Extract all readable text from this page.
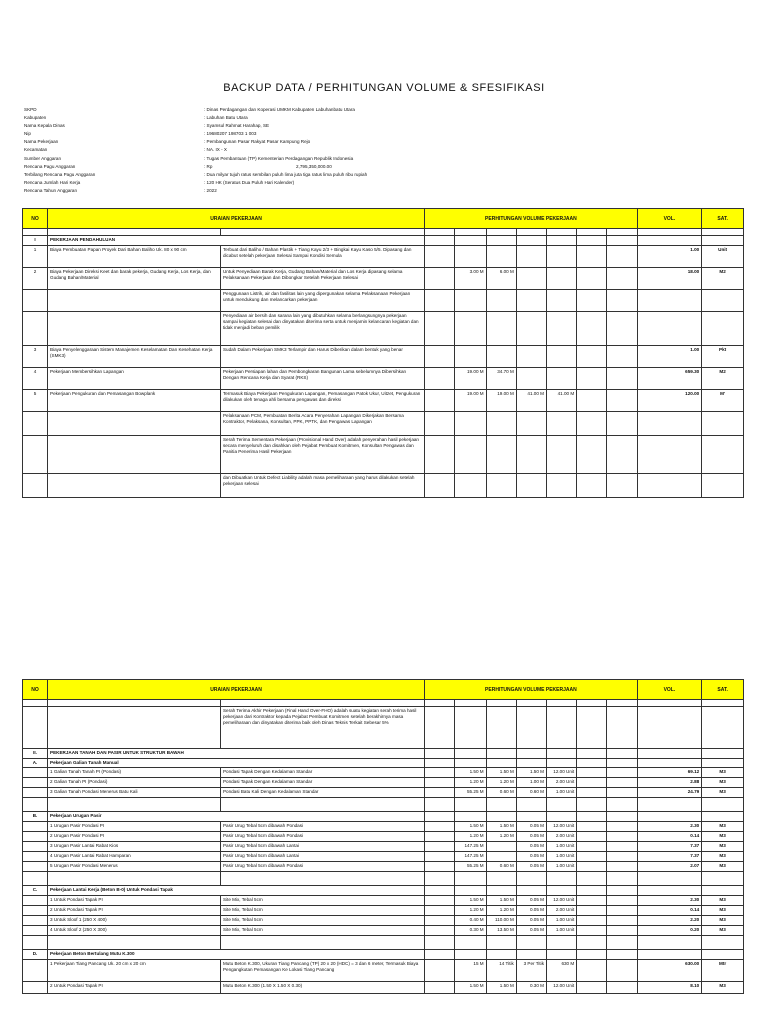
BACKUP DATA / PERHITUNGAN VOLUME & SFESIFIKASI
SKPD	: Dinas Perdagangan dan Koperasi UMKM Kabupaten Labuhanbatu Utara
Kabupaten	: Labuhan Batu Utara
Nama Kepala Dinas	: Syamsul Rahmat Harahap, SE
Nip	: 19680207 198703 1 003
Nama Pekerjaan	: Pembangunan Pasar Rakyat Pasar Kampung Rejo
Kecamatan	: NA. IX - X
Sumber Anggaran	: Tugas Pembantuan (TP) Kementerian Perdagangan Republik Indonesia
Rencana Pagu Anggaran	: Rp	2,795,350,000.00
Terbilang Rencana Pagu Anggaran	: Dua milyar tujuh ratus sembilan puluh lima juta tiga ratus lima puluh ribu rupiah
Rencana Jumlah Hari Kerja	: 120 HK (Seratus Dua Puluh Hari Kalender)
Rencana Tahun Anggaran	: 2022
NO	URAIAN PEKERJAAN		PERHITUNGAN VOLUME PEKERJAAN							VOL.	SAT.

I	PEKERJAAN PENDAHULUAN										
1	Biaya Pembuatan Papan Proyek Dari Bahan Baliho Uk. 80 x 90 cm	Terbuat dari Baliho / Bahan Plastik + Tiang Kayu 2/3 + Bingkai Kayu Kaso 5/5. Dipasang dan dicabut setelah pekerjaan Selesai Sampai Kondisi Semula								1.00	Unit
2	Biaya Pekerjaan Direksi Keet dan barak pekerja, Gudang Kerja, Los Kerja, dan Gudang Bahan/Material	Untuk Penyediaan Barak Kerja, Gudang Bahan/Material dan Los Kerja dipasang selama Pelaksanaan Pekerjaan dan Dibongkar Setelah Pekerjaan Selesai		3.00 M	6.00 M					18.00	M2
		Penggunaan Listrik, air dan fasilitas lain yang dipergunakan selama Pelaksanaan Pekerjaan untuk mendukung dan melancarkan pekerjaan									
		Penyediaan air bersih dan sarana lain yang dibutuhkan selama berlangsungnya pekerjaan sampai kegiatan selesai dan dinyatakan diterima serta untuk menjamin kelancaran kegiatan dan tidak menjadi beban pemilik									
3	Biaya Penyelenggaraan Sistem Manajemen Keselamatan Dan Kesehatan Kerja (SMK3)	Sudah Dalam Pekerjaan SMK3 Terlampir dan Harus Diberikan dalam bentuk yang benar								1.00	Pkt
4	Pekerjaan Membersihkan Lapangan	Pekerjaan Persiapan lahan dan Pembongkaran Bangunan Lama sebelumnya Dibersihkan Dengan Rencana Kerja dan Syarat (RKS)		19.00 M	34.70 M					659.30	M2
5	Pekerjaan Pengukuran dan Pemasangan Bowplank	Termasuk Biaya Pekerjaan Pengukuran Lapangan, Pemasangan Patok Ukur, Uitzet, Pengukuran dilakukan oleh tenaga ahli bersama pengawas dan direksi		19.00 M	19.00 M	41.00 M	41.00 M			120.00	M'
		Pelaksanaan PCM, Pembuatan Berita Acara Penyerahan Lapangan Dikerjakan Bersama Kontraktor, Pelaksana, Konsultan, PPK, PPTK, dan Pengawas Lapangan									
		Serah Terima Sementara Pekerjaan (Provisional Hand Over) adalah penyerahan hasil pekerjaan secara menyeluruh dan disahkan oleh Pejabat Pembuat Komitmen, Konsultan Pengawas dan Panitia Penerima Hasil Pekerjaan									
		dan Dibuatkan Untuk Defect Liability adalah masa pemeliharaan yang harus dilakukan setelah pekerjaan selesai									
NO	URAIAN PEKERJAAN		PERHITUNGAN VOLUME PEKERJAAN							VOL.	SAT.

		Serah Terima Akhir Pekerjaan (Final Hand Over-FHO) adalah suatu kegiatan serah terima hasil pekerjaan dari Kontraktor kepada Pejabat Pembuat Komitmen setelah berakhirnya masa pemeliharaan dan dinyatakan diterima baik oleh Dinas Teknis Terkait Sebesar 5%									
II.	PEKERJAAN TANAH DAN PASIR UNTUK STRUKTUR BAWAH										
A.	Pekerjaan Galian Tanah Manual										
	1 Galian Tanah Tanah PI (Pondasi)	Pondasi Tapak Dengan Kedalaman Standar		1.50 M	1.50 M	1.50 M	12.00 Unit			69.12	M3
	2 Galian Tanah PI (Pondasi)	Pondasi Tapak Dengan Kedalaman Standar		1.20 M	1.20 M	1.00 M	2.00 Unit			2.88	M3
	3 Galian Tanah Pondasi Menerus Batu Kali	Pondasi Batu Kali Dengan Kedalaman Standar		55.25 M	0.60 M	0.60 M	1.00 Unit			24.79	M3

B.	Pekerjaan Urugan Pasir										
	1 Urugan Pasir Pondasi PI	Pasir Urug Tebal 5cm dibawah Pondasi		1.50 M	1.50 M	0.05 M	12.00 Unit			2.30	M3
	2 Urugan Pasir Pondasi PI	Pasir Urug Tebal 5cm dibawah Pondasi		1.20 M	1.20 M	0.05 M	2.00 Unit			0.14	M3
	3 Urugan Pasir Lantai Rabat Kios	Pasir Urug Tebal 5cm dibawah Lantai		147.25 M		0.05 M	1.00 Unit			7.37	M3
	4 Urugan Pasir Lantai Rabat Hamparan	Pasir Urug Tebal 5cm dibawah Lantai		147.25 M		0.05 M	1.00 Unit			7.37	M3
	5 Urugan Pasir Pondasi Menerus	Pasir Urug Tebal 5cm dibawah Pondasi		55.25 M	0.60 M	0.05 M	1.00 Unit			2.07	M3

C.	Pekerjaan Lantai Kerja (Beton B-0) Untuk Pondasi Tapak										
	1 Untuk Pondasi Tapak PI	Site Mix, Tebal 5cm		1.50 M	1.50 M	0.05 M	12.00 Unit			2.30	M3
	2 Untuk Pondasi Tapak PI	Site Mix, Tebal 5cm		1.20 M	1.20 M	0.05 M	2.00 Unit			0.14	M3
	3 Untuk Sloof 1 (250 X 400)	Site Mix, Tebal 5cm		0.40 M	110.00 M	0.05 M	1.00 Unit			2.20	M3
	4 Untuk Sloof 2 (250 X 300)	Site Mix, Tebal 5cm		0.30 M	13.50 M	0.05 M	1.00 Unit			0.20	M3

D.	Pekerjaan Beton Bertulang Mutu K.300										
	1 Pekerjaan Tiang Pancang Uk. 20 cm x 20 cm	Mutu Beton K.300, Ukuran Tiang Pancang (TP) 20 x 20 (HDC) = 3 dan 6 meter, Termasuk Biaya Pengangkutan Pemasangan Ke Lokasi Tiang Pancang		15 M	14 Titik	3 Per Titik	630 M			630.00	Mtr
	2 Untuk Pondasi Tapak PI	Mutu Beton K.300 (1.50 X 1.50 X 0.30)		1.50 M	1.50 M	0.30 M	12.00 Unit			8.10	M3
